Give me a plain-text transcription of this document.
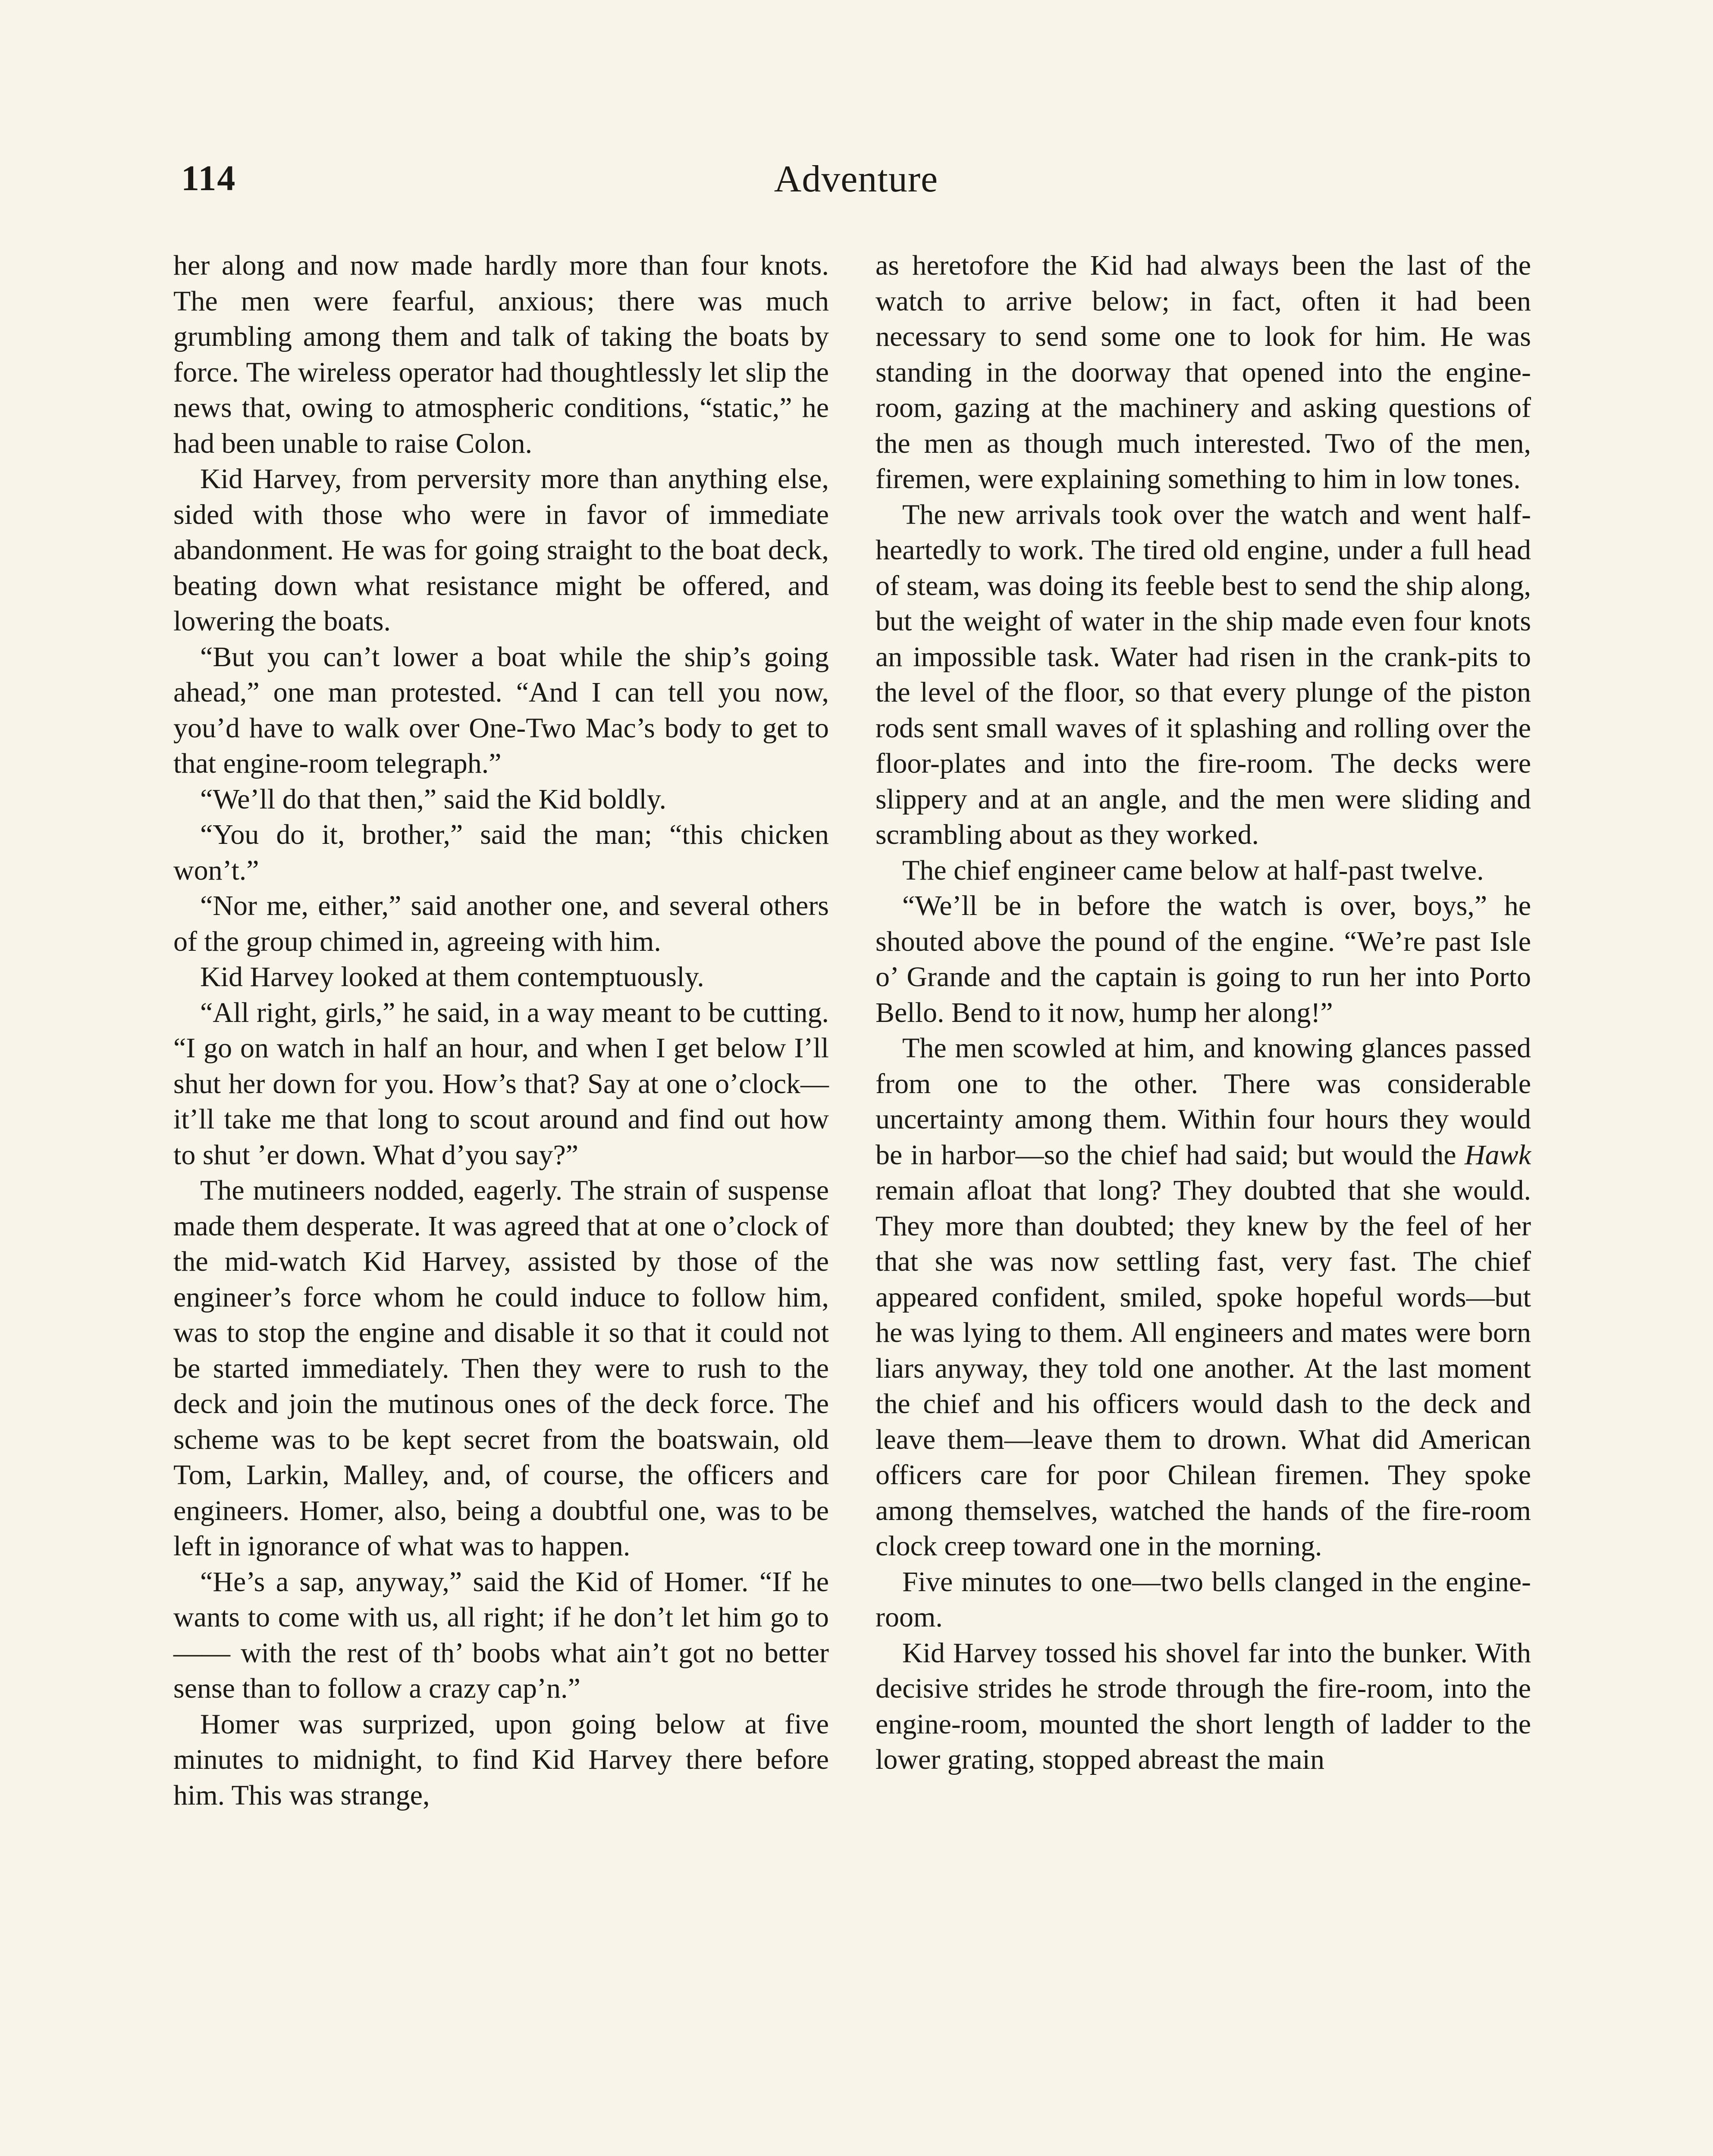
114	Adventure

her along and now made hardly more than four knots. The men were fearful, anxious; there was much grumbling among them and talk of taking the boats by force. The wireless operator had thoughtlessly let slip the news that, owing to atmospheric conditions, “static,” he had been unable to raise Colon.

Kid Harvey, from perversity more than anything else, sided with those who were in favor of immediate abandonment. He was for going straight to the boat deck, beating down what resistance might be offered, and lowering the boats.

“But you can’t lower a boat while the ship’s going ahead,” one man protested. “And I can tell you now, you’d have to walk over One-Two Mac’s body to get to that engine-room telegraph.”

“We’ll do that then,” said the Kid boldly.

“You do it, brother,” said the man; “this chicken won’t.”

“Nor me, either,” said another one, and several others of the group chimed in, agreeing with him.

Kid Harvey looked at them contemptuously.

“All right, girls,” he said, in a way meant to be cutting. “I go on watch in half an hour, and when I get below I’ll shut her down for you. How’s that? Say at one o’clock—it’ll take me that long to scout around and find out how to shut ’er down. What d’you say?”

The mutineers nodded, eagerly. The strain of suspense made them desperate. It was agreed that at one o’clock of the mid-watch Kid Harvey, assisted by those of the engineer’s force whom he could induce to follow him, was to stop the engine and disable it so that it could not be started immediately. Then they were to rush to the deck and join the mutinous ones of the deck force. The scheme was to be kept secret from the boatswain, old Tom, Larkin, Malley, and, of course, the officers and engineers. Homer, also, being a doubtful one, was to be left in ignorance of what was to happen.

“He’s a sap, anyway,” said the Kid of Homer. “If he wants to come with us, all right; if he don’t let him go to —— with the rest of th’ boobs what ain’t got no better sense than to follow a crazy cap’n.”

Homer was surprized, upon going below at five minutes to midnight, to find Kid Harvey there before him. This was strange,

as heretofore the Kid had always been the last of the watch to arrive below; in fact, often it had been necessary to send some one to look for him. He was standing in the doorway that opened into the engine-room, gazing at the machinery and asking questions of the men as though much interested. Two of the men, firemen, were explaining something to him in low tones.

The new arrivals took over the watch and went half-heartedly to work. The tired old engine, under a full head of steam, was doing its feeble best to send the ship along, but the weight of water in the ship made even four knots an impossible task. Water had risen in the crank-pits to the level of the floor, so that every plunge of the piston rods sent small waves of it splashing and rolling over the floor-plates and into the fire-room. The decks were slippery and at an angle, and the men were sliding and scrambling about as they worked.

The chief engineer came below at half-past twelve.

“We’ll be in before the watch is over, boys,” he shouted above the pound of the engine. “We’re past Isle o’ Grande and the captain is going to run her into Porto Bello. Bend to it now, hump her along!”

The men scowled at him, and knowing glances passed from one to the other. There was considerable uncertainty among them. Within four hours they would be in harbor—so the chief had said; but would the Hawk remain afloat that long? They doubted that she would. They more than doubted; they knew by the feel of her that she was now settling fast, very fast. The chief appeared confident, smiled, spoke hopeful words—but he was lying to them. All engineers and mates were born liars anyway, they told one another. At the last moment the chief and his officers would dash to the deck and leave them—leave them to drown. What did American officers care for poor Chilean firemen. They spoke among themselves, watched the hands of the fire-room clock creep toward one in the morning.

Five minutes to one—two bells clanged in the engine-room.

Kid Harvey tossed his shovel far into the bunker. With decisive strides he strode through the fire-room, into the engine-room, mounted the short length of ladder to the lower grating, stopped abreast the main
